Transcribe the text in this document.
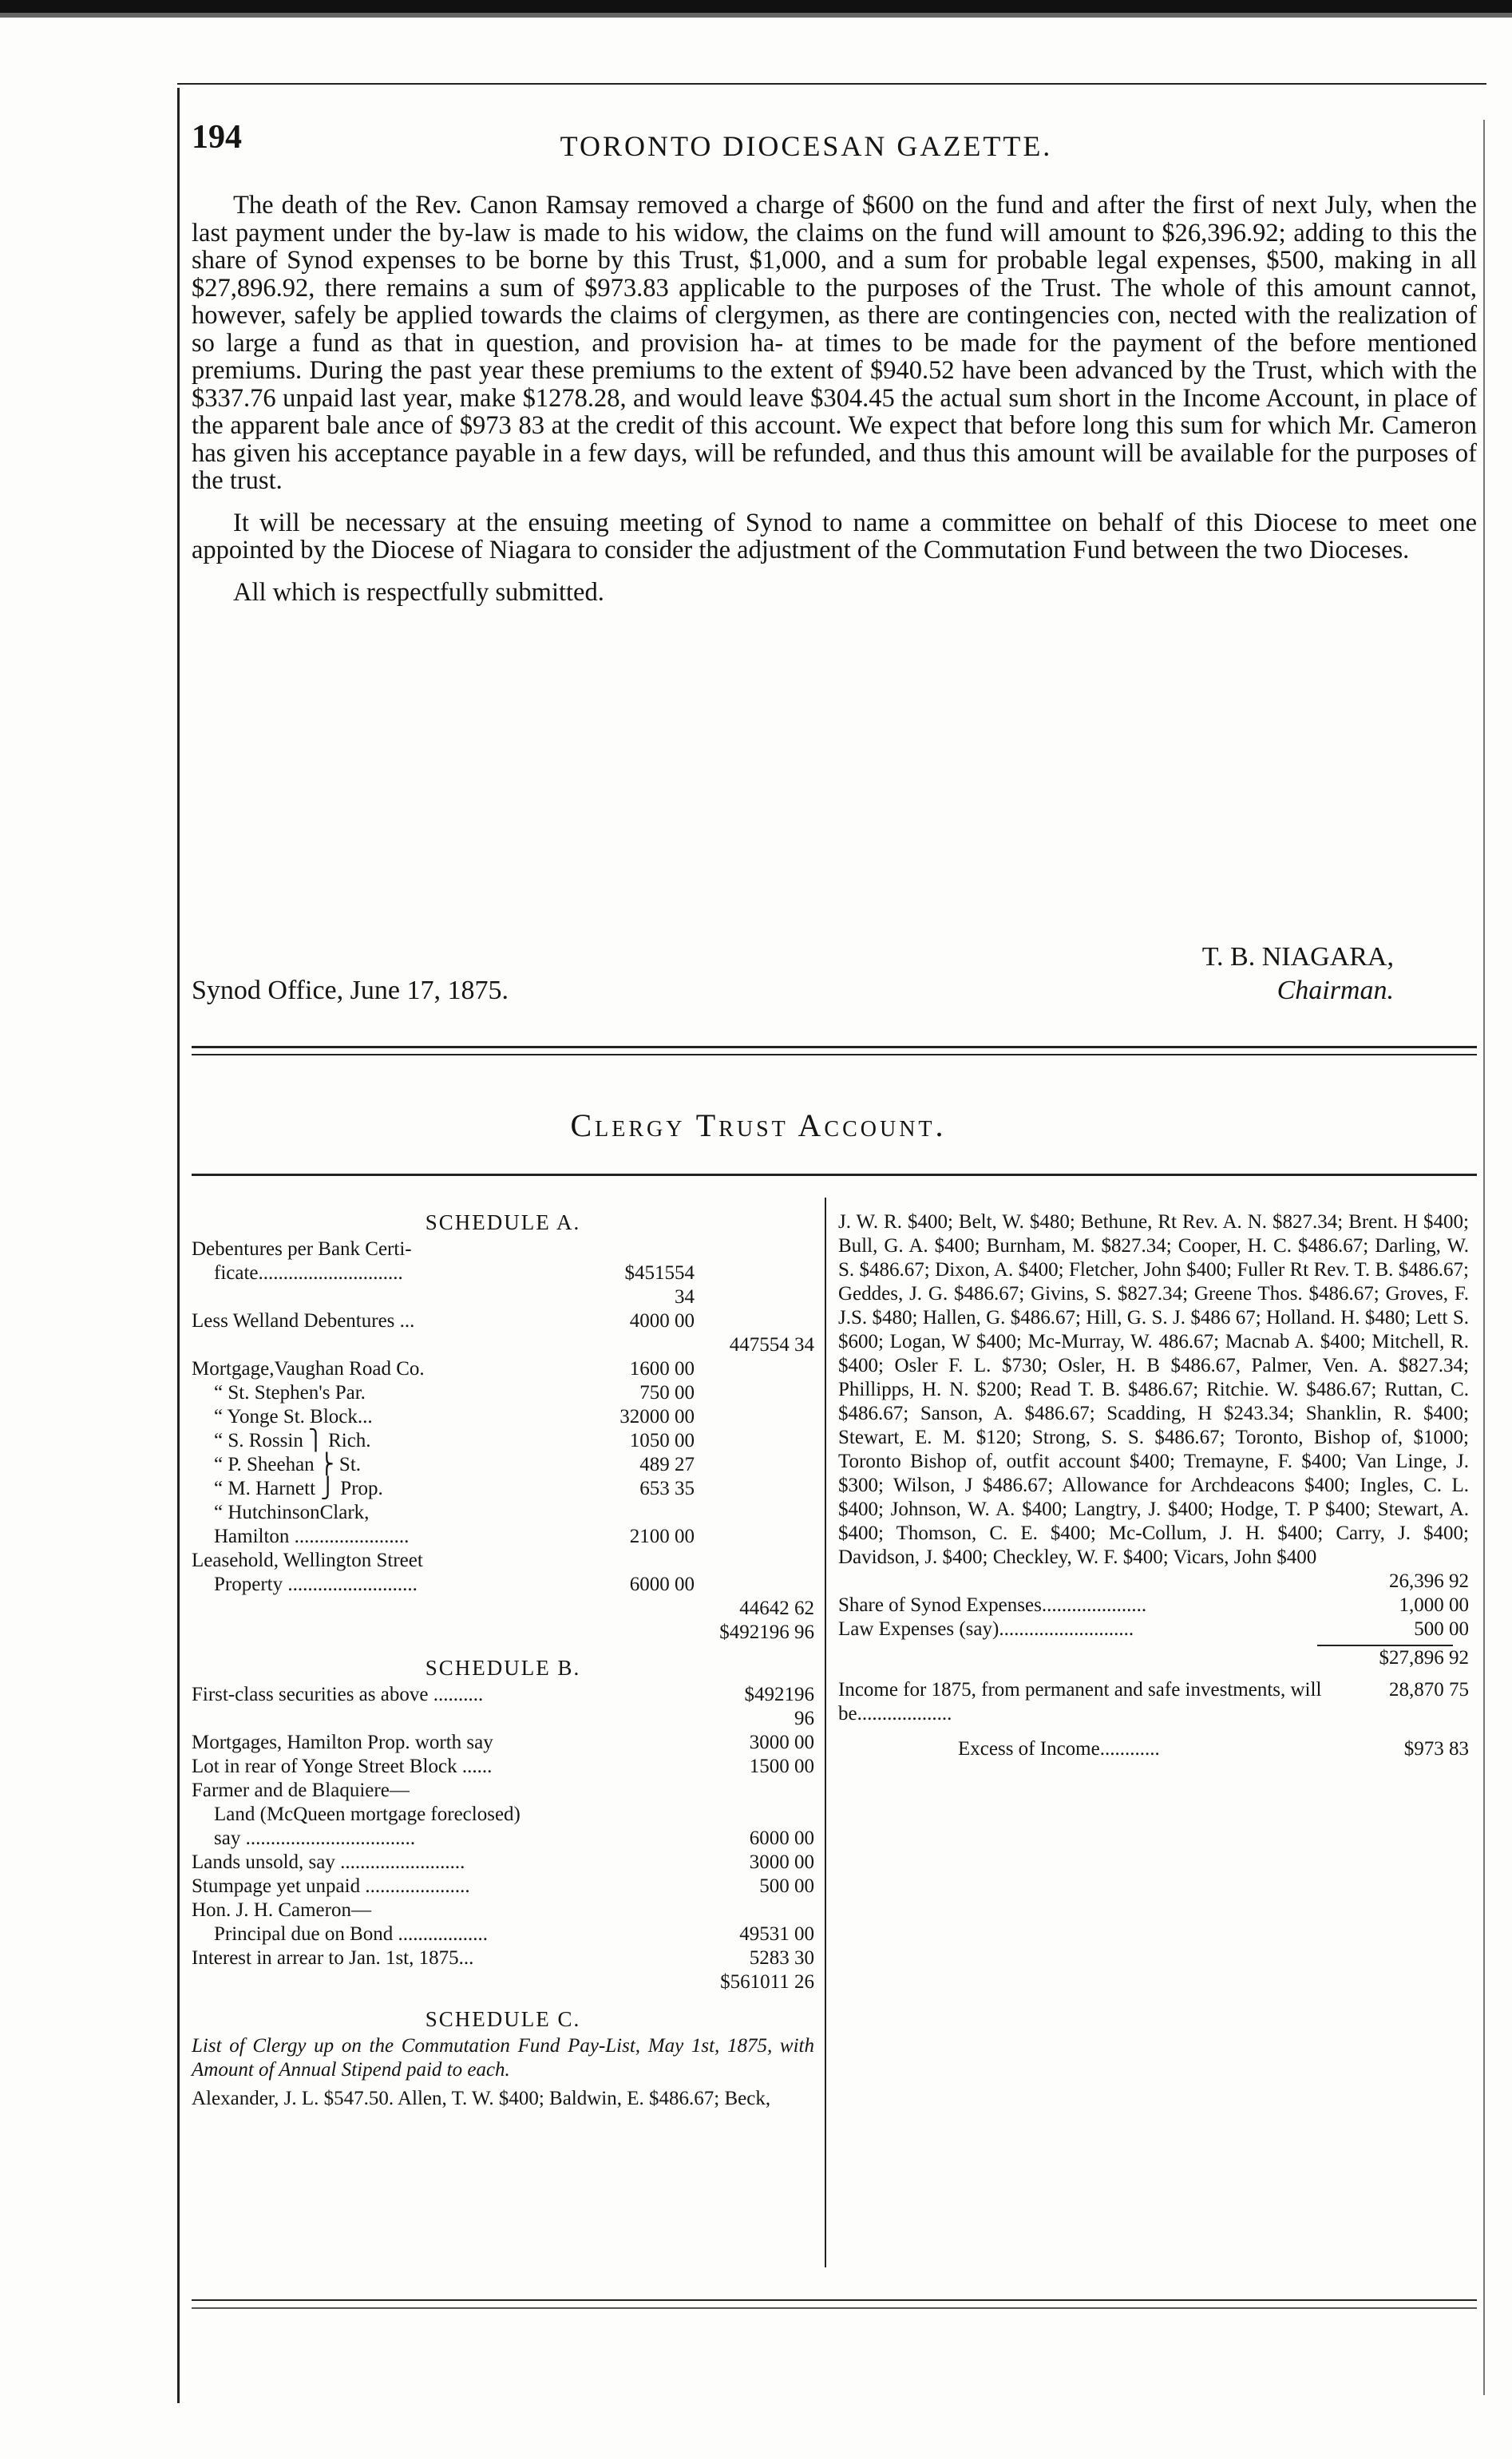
194	TORONTO DIOCESAN GAZETTE.

The death of the Rev. Canon Ramsay removed a charge of $600 on the fund and after the first of next July, when the last payment under the by-law is made to his widow, the claims on the fund will amount to $26,396.92; adding to this the share of Synod expenses to be borne by this Trust, $1,000, and a sum for probable legal expenses, $500, making in all $27,896.92, there remains a sum of $973.83 applicable to the purposes of the Trust. The whole of this amount cannot, however, safely be applied towards the claims of clergymen, as there are contingencies con, nected with the realization of so large a fund as that in question, and provision ha- at times to be made for the payment of the before mentioned premiums. During the past year these premiums to the extent of $940.52 have been advanced by the Trust, which with the $337.76 unpaid last year, make $1278.28, and would leave $304.45 the actual sum short in the Income Account, in place of the apparent bale ance of $973 83 at the credit of this account. We expect that before long this sum for which Mr. Cameron has given his acceptance payable in a few days, will be refunded, and thus this amount will be available for the purposes of the trust.

It will be necessary at the ensuing meeting of Synod to name a committee on behalf of this Diocese to meet one appointed by the Diocese of Niagara to consider the adjustment of the Commutation Fund between the two Dioceses.

All which is respectfully submitted.

T. B. NIAGARA,
Synod Office, June 17, 1875.	Chairman.
Clergy Trust Account.
SCHEDULE A.
Debentures per Bank Certi-
ficate.............................	$451554 34
Less Welland Debentures ...	4000 00
447554 34
Mortgage,Vaughan Road Co.	1600 00
“ St. Stephen's Par.	750 00
“ Yonge St. Block...	32000 00
“ S. Rossin ⎫ Rich.	1050 00
“ P. Sheehan ⎬ St.	489 27
“ M. Harnett ⎭ Prop.	653 35
“ HutchinsonClark,
Hamilton .......................	2100 00
Leasehold, Wellington Street
Property ..........................	6000 00
44642 62
$492196 96
SCHEDULE B.
First-class securities as above ..........	$492196 96
Mortgages, Hamilton Prop. worth say	3000 00
Lot in rear of Yonge Street Block ......	1500 00
Farmer and de Blaquiere—
Land (McQueen mortgage foreclosed)
say ..................................	6000 00
Lands unsold, say .........................	3000 00
Stumpage yet unpaid .....................	500 00
Hon. J. H. Cameron—
Principal due on Bond ..................	49531 00
Interest in arrear to Jan. 1st, 1875...	5283 30
$561011 26
SCHEDULE C.
List of Clergy up on the Commutation Fund Pay-List, May 1st, 1875, with Amount of Annual Stipend paid to each.
Alexander, J. L. $547.50. Allen, T. W. $400; Baldwin, E. $486.67; Beck,
J. W. R. $400; Belt, W. $480; Bethune, Rt Rev. A. N. $827.34; Brent. H $400; Bull, G. A. $400; Burnham, M. $827.34; Cooper, H. C. $486.67; Darling, W. S. $486.67; Dixon, A. $400; Fletcher, John $400; Fuller Rt Rev. T. B. $486.67; Geddes, J. G. $486.67; Givins, S. $827.34; Greene Thos. $486.67; Groves, F. J.S. $480; Hallen, G. $486.67; Hill, G. S. J. $486 67; Holland. H. $480; Lett S. $600; Logan, W $400; Mc-Murray, W. 486.67; Macnab A. $400; Mitchell, R. $400; Osler F. L. $730; Osler, H. B $486.67, Palmer, Ven. A. $827.34; Phillipps, H. N. $200; Read T. B. $486.67; Ritchie. W. $486.67; Ruttan, C. $486.67; Sanson, A. $486.67; Scadding, H $243.34; Shanklin, R. $400; Stewart, E. M. $120; Strong, S. S. $486.67; Toronto, Bishop of, $1000; Toronto Bishop of, outfit account $400; Tremayne, F. $400; Van Linge, J. $300; Wilson, J $486.67; Allowance for Archdeacons $400; Ingles, C. L. $400; Johnson, W. A. $400; Langtry, J. $400; Hodge, T. P $400; Stewart, A. $400; Thomson, C. E. $400; Mc-Collum, J. H. $400; Carry, J. $400; Davidson, J. $400; Checkley, W. F. $400; Vicars, John $400
26,396 92
Share of Synod Expenses.....................	1,000 00
Law Expenses (say)...........................	500 00
$27,896 92
Income for 1875, from permanent and safe investments, will be...................
28,870 75
Excess of Income............	$973 83
